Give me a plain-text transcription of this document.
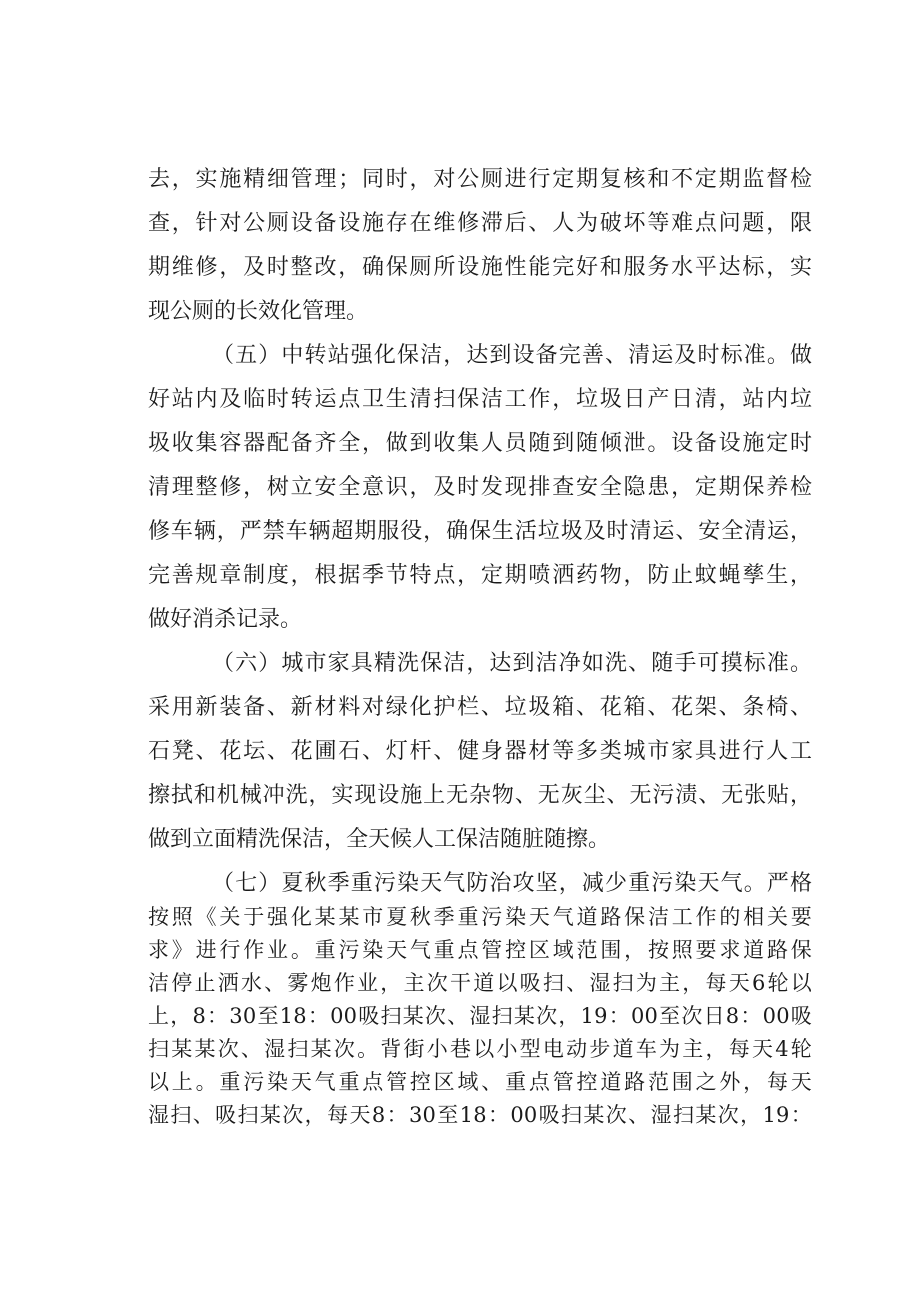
去，实施精细管理；同时，对公厕进行定期复核和不定期监督检
查，针对公厕设备设施存在维修滞后、人为破坏等难点问题，限
期维修，及时整改，确保厕所设施性能完好和服务水平达标，实
现公厕的长效化管理。
（五）中转站强化保洁，达到设备完善、清运及时标准。做
好站内及临时转运点卫生清扫保洁工作，垃圾日产日清，站内垃
圾收集容器配备齐全，做到收集人员随到随倾泄。设备设施定时
清理整修，树立安全意识，及时发现排查安全隐患，定期保养检
修车辆，严禁车辆超期服役，确保生活垃圾及时清运、安全清运，
完善规章制度，根据季节特点，定期喷洒药物，防止蚊蝇孳生，
做好消杀记录。
（六）城市家具精洗保洁，达到洁净如洗、随手可摸标准。
采用新装备、新材料对绿化护栏、垃圾箱、花箱、花架、条椅、
石凳、花坛、花圃石、灯杆、健身器材等多类城市家具进行人工
擦拭和机械冲洗，实现设施上无杂物、无灰尘、无污渍、无张贴，
做到立面精洗保洁，全天候人工保洁随脏随擦。
（七）夏秋季重污染天气防治攻坚，减少重污染天气。严格
按照《关于强化某某市夏秋季重污染天气道路保洁工作的相关要
求》进行作业。重污染天气重点管控区域范围，按照要求道路保
洁停止洒水、雾炮作业，主次干道以吸扫、湿扫为主，每天6轮以
上，8：30至18：00吸扫某次、湿扫某次，19：00至次日8：00吸
扫某某次、湿扫某次。背街小巷以小型电动步道车为主，每天4轮
以上。重污染天气重点管控区域、重点管控道路范围之外，每天
湿扫、吸扫某次，每天8：30至18：00吸扫某次、湿扫某次，19：
